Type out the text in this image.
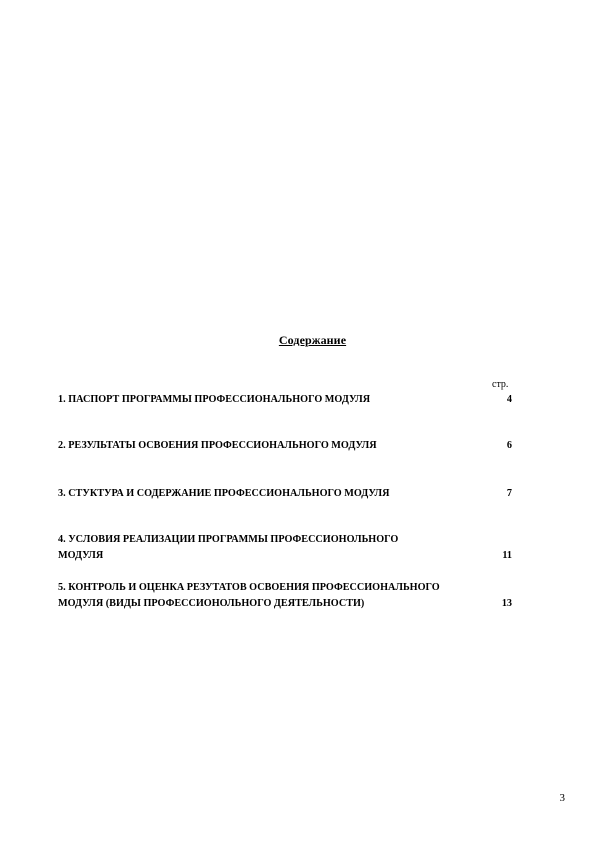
Содержание
стр.
1. ПАСПОРТ ПРОГРАММЫ ПРОФЕССИОНАЛЬНОГО МОДУЛЯ	4
2. РЕЗУЛЬТАТЫ ОСВОЕНИЯ ПРОФЕССИОНАЛЬНОГО МОДУЛЯ	6
3. СТУКТУРА И СОДЕРЖАНИЕ ПРОФЕССИОНАЛЬНОГО МОДУЛЯ	7
4. УСЛОВИЯ РЕАЛИЗАЦИИ ПРОГРАММЫ ПРОФЕССИОНОЛЬНОГО
МОДУЛЯ	11
5. КОНТРОЛЬ И ОЦЕНКА РЕЗУТАТОВ ОСВОЕНИЯ ПРОФЕССИОНАЛЬНОГО
МОДУЛЯ (ВИДЫ ПРОФЕССИОНОЛЬНОГО ДЕЯТЕЛЬНОСТИ)	13
3
